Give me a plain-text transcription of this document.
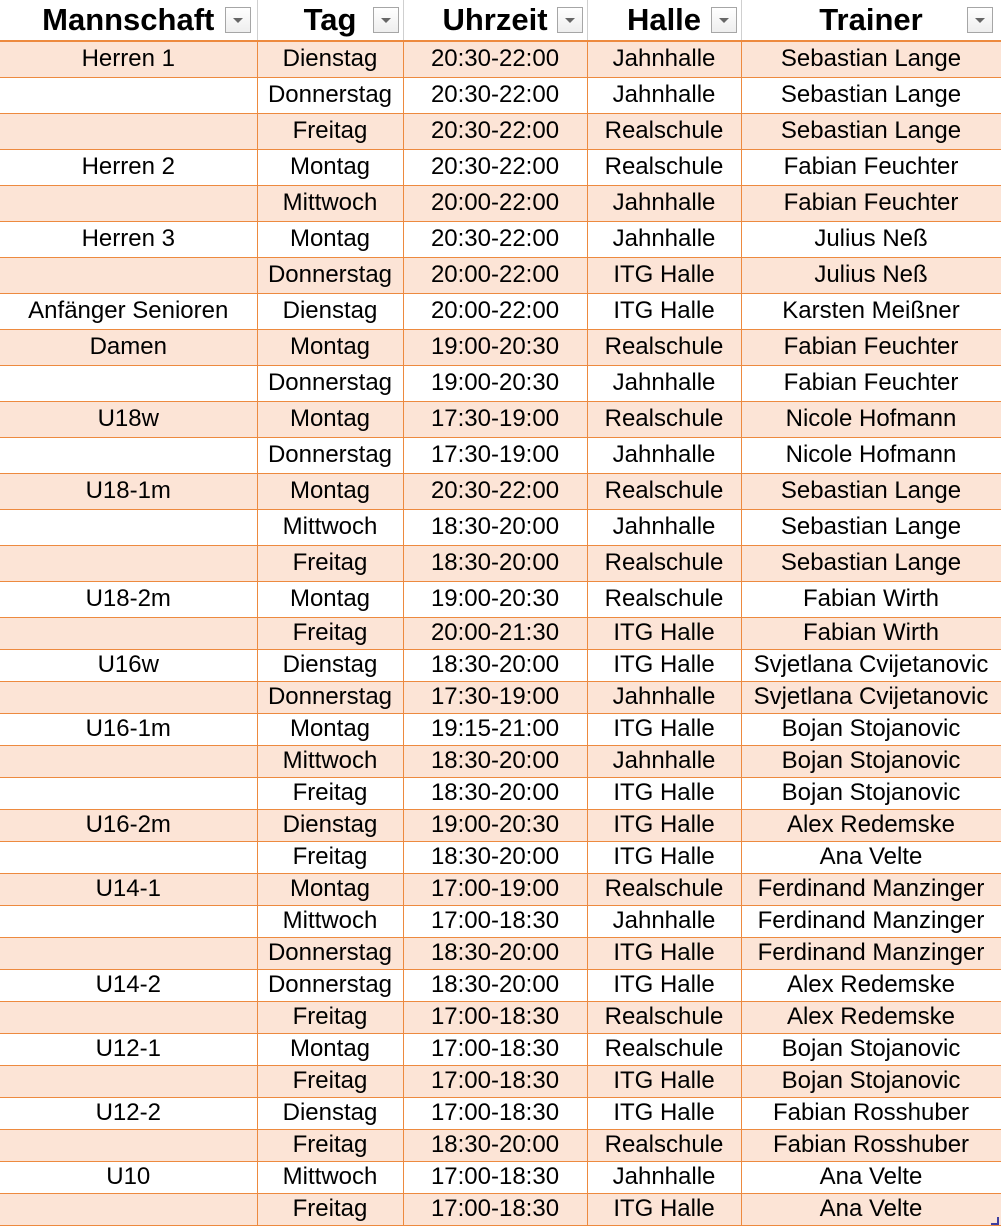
Mannschaft	Tag	Uhrzeit	Halle	Trainer

Herren 1	Dienstag	20:30-22:00	Jahnhalle	Sebastian Lange
	Donnerstag	20:30-22:00	Jahnhalle	Sebastian Lange
	Freitag	20:30-22:00	Realschule	Sebastian Lange
Herren 2	Montag	20:30-22:00	Realschule	Fabian Feuchter
	Mittwoch	20:00-22:00	Jahnhalle	Fabian Feuchter
Herren 3	Montag	20:30-22:00	Jahnhalle	Julius Neß
	Donnerstag	20:00-22:00	ITG Halle	Julius Neß
Anfänger Senioren	Dienstag	20:00-22:00	ITG Halle	Karsten Meißner
Damen	Montag	19:00-20:30	Realschule	Fabian Feuchter
	Donnerstag	19:00-20:30	Jahnhalle	Fabian Feuchter
U18w	Montag	17:30-19:00	Realschule	Nicole Hofmann
	Donnerstag	17:30-19:00	Jahnhalle	Nicole Hofmann
U18-1m	Montag	20:30-22:00	Realschule	Sebastian Lange
	Mittwoch	18:30-20:00	Jahnhalle	Sebastian Lange
	Freitag	18:30-20:00	Realschule	Sebastian Lange
U18-2m	Montag	19:00-20:30	Realschule	Fabian Wirth
	Freitag	20:00-21:30	ITG Halle	Fabian Wirth
U16w	Dienstag	18:30-20:00	ITG Halle	Svjetlana Cvijetanovic
	Donnerstag	17:30-19:00	Jahnhalle	Svjetlana Cvijetanovic
U16-1m	Montag	19:15-21:00	ITG Halle	Bojan Stojanovic
	Mittwoch	18:30-20:00	Jahnhalle	Bojan Stojanovic
	Freitag	18:30-20:00	ITG Halle	Bojan Stojanovic
U16-2m	Dienstag	19:00-20:30	ITG Halle	Alex Redemske
	Freitag	18:30-20:00	ITG Halle	Ana Velte
U14-1	Montag	17:00-19:00	Realschule	Ferdinand Manzinger
	Mittwoch	17:00-18:30	Jahnhalle	Ferdinand Manzinger
	Donnerstag	18:30-20:00	ITG Halle	Ferdinand Manzinger
U14-2	Donnerstag	18:30-20:00	ITG Halle	Alex Redemske
	Freitag	17:00-18:30	Realschule	Alex Redemske
U12-1	Montag	17:00-18:30	Realschule	Bojan Stojanovic
	Freitag	17:00-18:30	ITG Halle	Bojan Stojanovic
U12-2	Dienstag	17:00-18:30	ITG Halle	Fabian Rosshuber
	Freitag	18:30-20:00	Realschule	Fabian Rosshuber
U10	Mittwoch	17:00-18:30	Jahnhalle	Ana Velte
	Freitag	17:00-18:30	ITG Halle	Ana Velte
